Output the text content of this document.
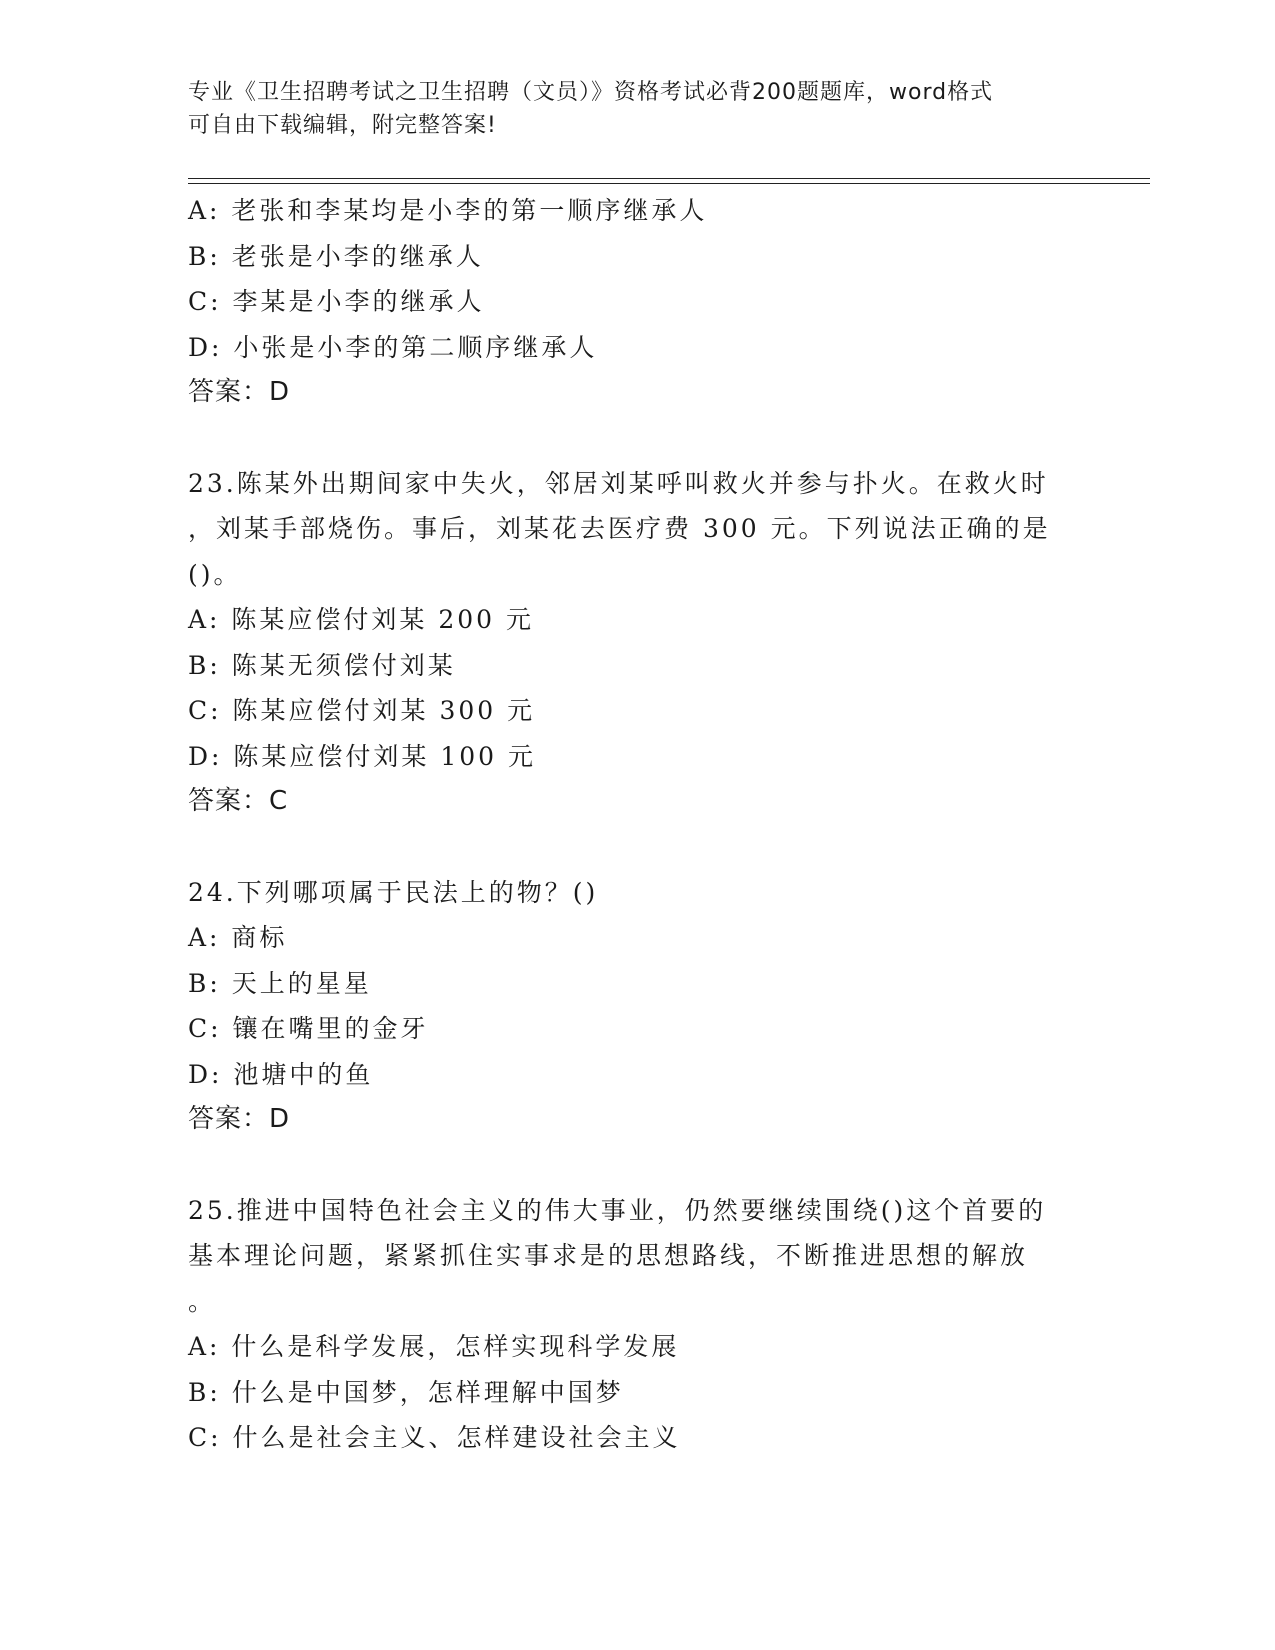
专业《卫生招聘考试之卫生招聘（文员）》资格考试必背200题题库，word格式
可自由下载编辑，附完整答案!
A: 老张和李某均是小李的第一顺序继承人
B: 老张是小李的继承人
C: 李某是小李的继承人
D: 小张是小李的第二顺序继承人
答案：D
23.陈某外出期间家中失火，邻居刘某呼叫救火并参与扑火。在救火时
，刘某手部烧伤。事后，刘某花去医疗费 300 元。下列说法正确的是
()。
A: 陈某应偿付刘某 200 元
B: 陈某无须偿付刘某
C: 陈某应偿付刘某 300 元
D: 陈某应偿付刘某 100 元
答案：C
24.下列哪项属于民法上的物？()
A: 商标
B: 天上的星星
C: 镶在嘴里的金牙
D: 池塘中的鱼
答案：D
25.推进中国特色社会主义的伟大事业，仍然要继续围绕()这个首要的
基本理论问题，紧紧抓住实事求是的思想路线，不断推进思想的解放
。
A: 什么是科学发展，怎样实现科学发展
B: 什么是中国梦，怎样理解中国梦
C: 什么是社会主义、怎样建设社会主义
